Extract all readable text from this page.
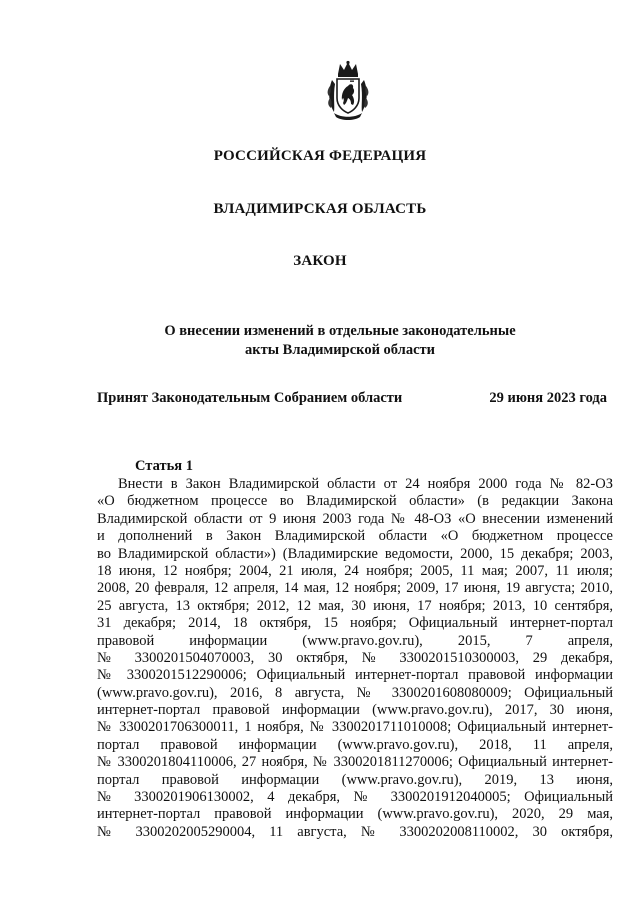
РОССИЙСКАЯ ФЕДЕРАЦИЯ
ВЛАДИМИРСКАЯ ОБЛАСТЬ
ЗАКОН
О внесении изменений в отдельные законодательные
акты Владимирской области
Принят Законодательным Собранием области	29 июня 2023 года
Статья 1
Внести в Закон Владимирской области от 24 ноября 2000 года № 82-ОЗ
«О бюджетном процессе во Владимирской области» (в редакции Закона
Владимирской области от 9 июня 2003 года № 48-ОЗ «О внесении изменений
и дополнений в Закон Владимирской области «О бюджетном процессе
во Владимирской области») (Владимирские ведомости, 2000, 15 декабря; 2003,
18 июня, 12 ноября; 2004, 21 июля, 24 ноября; 2005, 11 мая; 2007, 11 июля;
2008, 20 февраля, 12 апреля, 14 мая, 12 ноября; 2009, 17 июня, 19 августа; 2010,
25 августа, 13 октября; 2012, 12 мая, 30 июня, 17 ноября; 2013, 10 сентября,
31 декабря; 2014, 18 октября, 15 ноября; Официальный интернет-портал
правовой информации (www.pravo.gov.ru), 2015, 7 апреля,
№ 3300201504070003, 30 октября, № 3300201510300003, 29 декабря,
№ 3300201512290006; Официальный интернет-портал правовой информации
(www.pravo.gov.ru), 2016, 8 августа, № 3300201608080009; Официальный
интернет-портал правовой информации (www.pravo.gov.ru), 2017, 30 июня,
№ 3300201706300011, 1 ноября, № 3300201711010008; Официальный интернет-
портал правовой информации (www.pravo.gov.ru), 2018, 11 апреля,
№ 3300201804110006, 27 ноября, № 3300201811270006; Официальный интернет-
портал правовой информации (www.pravo.gov.ru), 2019, 13 июня,
№ 3300201906130002, 4 декабря, № 3300201912040005; Официальный
интернет-портал правовой информации (www.pravo.gov.ru), 2020, 29 мая,
№ 3300202005290004, 11 августа, № 3300202008110002, 30 октября,
